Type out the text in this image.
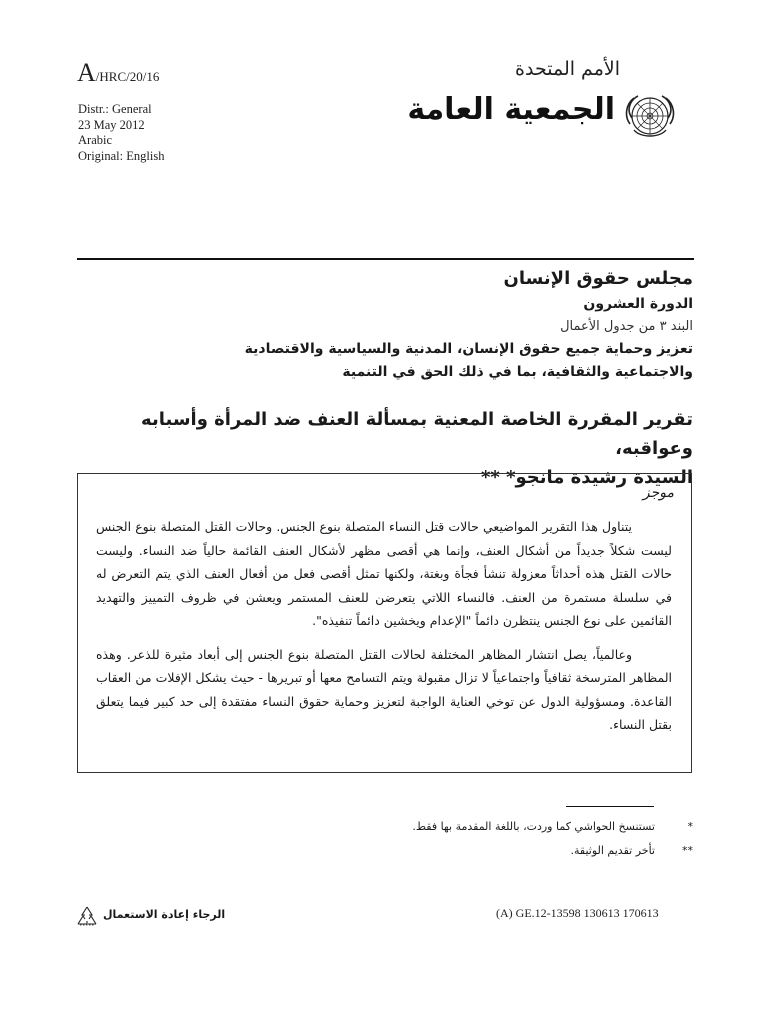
A/HRC/20/16	الأمم المتحدة
Distr.: General
23 May 2012
Arabic
Original: English
الجمعية العامة
مجلس حقوق الإنسان
الدورة العشرون
البند ٣ من جدول الأعمال
تعزيز وحماية جميع حقوق الإنسان، المدنية والسياسية والاقتصادية
والاجتماعية والثقافية، بما في ذلك الحق في التنمية
تقرير المقررة الخاصة المعنية بمسألة العنف ضد المرأة وأسبابه وعواقبه،
السيدة رشيدة مانجو* **
موجز

يتناول هذا التقرير المواضيعي حالات قتل النساء المتصلة بنوع الجنس. وحالات القتل المتصلة بنوع الجنس ليست شكلاً جديداً من أشكال العنف، وإنما هي أقصى مظهر لأشكال العنف القائمة حالياً ضد النساء. وليست حالات القتل هذه أحداثاً معزولة تنشأ فجأة وبغتة، ولكنها تمثل أقصى فعل من أفعال العنف الذي يتم التعرض له في سلسلة مستمرة من العنف. فالنساء اللاتي يتعرضن للعنف المستمر ويعشن في ظروف التمييز والتهديد القائمين على نوع الجنس ينتظرن دائماً "الإعدام ويخشين دائماً تنفيذه".

وعالمياً، يصل انتشار المظاهر المختلفة لحالات القتل المتصلة بنوع الجنس إلى أبعاد مثيرة للذعر. وهذه المظاهر المترسخة ثقافياً واجتماعياً لا تزال مقبولة ويتم التسامح معها أو تبريرها - حيث يشكل الإفلات من العقاب القاعدة. ومسؤولية الدول عن توخي العناية الواجبة لتعزيز وحماية حقوق النساء مفتقدة إلى حد كبير فيما يتعلق بقتل النساء.

*
تستنسخ الحواشي كما وردت، باللغة المقدمة بها فقط.
**
تأخر تقديم الوثيقة.
الرجاء إعادة الاستعمال	(A) GE.12-13598 130613 170613
